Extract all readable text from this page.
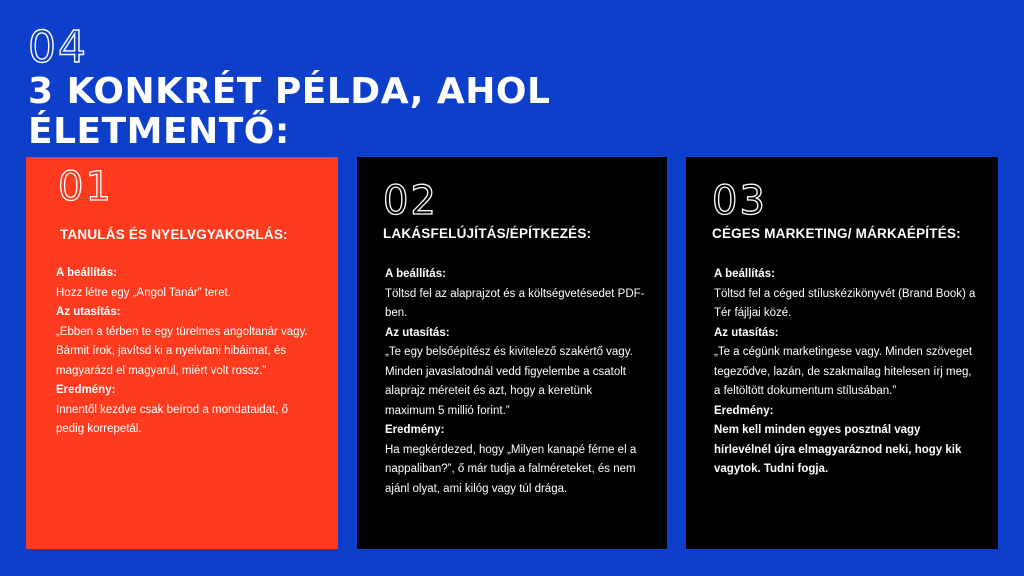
04
3 KONKRÉT PÉLDA, AHOL ÉLETMENTŐ:
01
TANULÁS ÉS NYELVGYAKORLÁS:
A beállítás:
Hozz létre egy „Angol Tanár” teret.
Az utasítás:
„Ebben a térben te egy türelmes angoltanár vagy. Bármit írok, javítsd ki a nyelvtani hibáimat, és magyarázd el magyarul, miért volt rossz.”
Eredmény:
Innentől kezdve csak beírod a mondataidat, ő pedig korrepetál.
02
LAKÁSFELÚJÍTÁS/ÉPÍTKEZÉS:
A beállítás:
Töltsd fel az alaprajzot és a költségvetésedet PDF-ben.
Az utasítás:
„Te egy belsőépítész és kivitelező szakértő vagy. Minden javaslatodnál vedd figyelembe a csatolt alaprajz méreteit és azt, hogy a keretünk maximum 5 millió forint.”
Eredmény:
Ha megkérdezed, hogy „Milyen kanapé férne el a nappaliban?”, ő már tudja a falméreteket, és nem ajánl olyat, ami kilóg vagy túl drága.
03
CÉGES MARKETING/ MÁRKAÉPÍTÉS:
A beállítás:
Töltsd fel a céged stíluskézikönyvét (Brand Book) a Tér fájljai közé.
Az utasítás:
„Te a cégünk marketingese vagy. Minden szöveget tegeződve, lazán, de szakmailag hitelesen írj meg, a feltöltött dokumentum stílusában.”
Eredmény:
Nem kell minden egyes posztnál vagy hírlevélnél újra elmagyaráznod neki, hogy kik vagytok. Tudni fogja.
